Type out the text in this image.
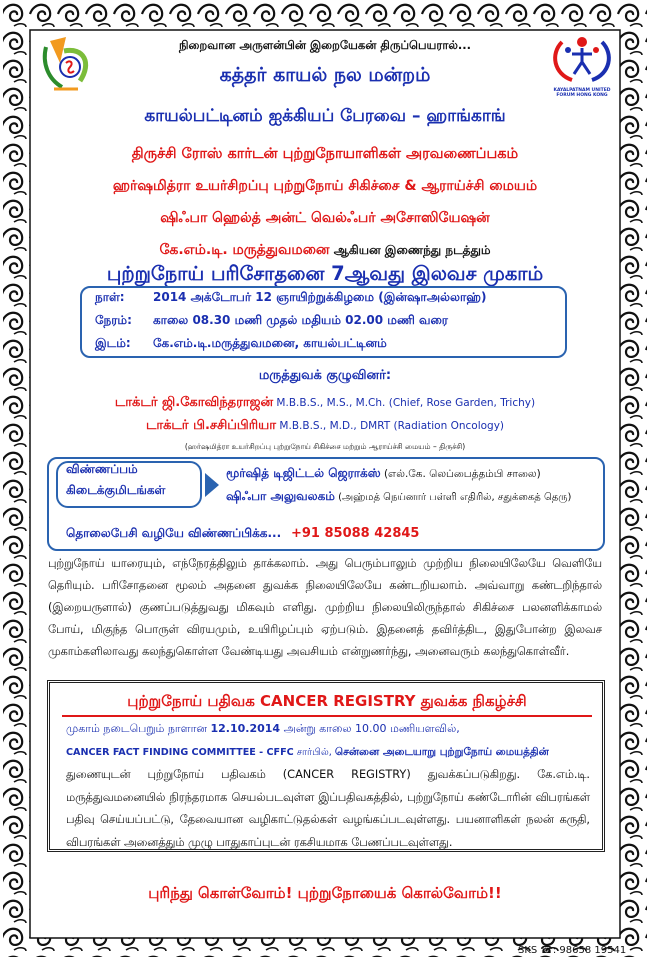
KAYALPATNAM UNITED FORUM HONG KONG
நிறைவான அருளன்பின் இறையேகன் திருப்பெயரால்...
கத்தர் காயல் நல மன்றம்
காயல்பட்டினம் ஐக்கியப் பேரவை – ஹாங்காங்
திருச்சி ரோஸ் கார்டன் புற்றுநோயாளிகள் அரவணைப்பகம்
ஹர்ஷமித்ரா உயர்சிறப்பு புற்றுநோய் சிகிச்சை & ஆராய்ச்சி மையம்
ஷிஃபா ஹெல்த் அன்ட் வெல்ஃபர் அசோஸியேஷன்
கே.எம்.டி. மருத்துவமனை ஆகியன இணைந்து நடத்தும்
புற்றுநோய் பரிசோதனை 7ஆவது இலவச முகாம்
நாள்: 2014 அக்டோபர் 12 ஞாயிற்றுக்கிழமை (இன்ஷாஅல்லாஹ்)
நேரம்: காலை 08.30 மணி முதல் மதியம் 02.00 மணி வரை
இடம்: கே.எம்.டி.மருத்துவமனை, காயல்பட்டினம்
மருத்துவக் குழுவினர்:
டாக்டர் ஜி.கோவிந்தராஜன் M.B.B.S., M.S., M.Ch. (Chief, Rose Garden, Trichy)
டாக்டர் பி.சசிப்பிரியா M.B.B.S., M.D., DMRT (Radiation Oncology)
(ஹர்ஷமித்ரா உயர்சிறப்பு புற்றுநோய் சிகிச்சை மற்றும் ஆராய்ச்சி மையம் – திருச்சி)
விண்ணப்பம்
கிடைக்குமிடங்கள்
மூர்ஷித் டிஜிட்டல் ஜெராக்ஸ் (எல்.கே. லெப்பைத்தம்பி சாலை)
ஷிஃபா அலுவலகம் (அஹ்மத் நெய்னார் பள்ளி எதிரில், சதுக்கைத் தெரு)
தொலைபேசி வழியே விண்ணப்பிக்க... +91 85088 42845
புற்றுநோய் யாரையும், எந்நேரத்திலும் தாக்கலாம். அது பெரும்பாலும் முற்றிய நிலையிலேயே வெளியே தெரியும். பரிசோதனை மூலம் அதனை துவக்க நிலையிலேயே கண்டறியலாம். அவ்வாறு கண்டறிந்தால் (இறையருளால்) குணப்படுத்துவது மிகவும் எளிது. முற்றிய நிலையிலிருந்தால் சிகிச்சை பலனளிக்காமல் போய், மிகுந்த பொருள் விரயமும், உயிரிழப்பும் ஏற்படும். இதனைத் தவிர்த்திட, இதுபோன்ற இலவச முகாம்களிலாவது கலந்துகொள்ள வேண்டியது அவசியம் என்றுணர்ந்து, அனைவரும் கலந்துகொள்வீர்.
புற்றுநோய் பதிவக CANCER REGISTRY துவக்க நிகழ்ச்சி
முகாம் நடைபெறும் நாளான 12.10.2014 அன்று காலை 10.00 மணியளவில்,
CANCER FACT FINDING COMMITTEE - CFFC சார்பில், சென்னை அடையாறு புற்றுநோய் மையத்தின்
துணையுடன் புற்றுநோய் பதிவகம் (CANCER REGISTRY) துவக்கப்படுகிறது. கே.எம்.டி. மருத்துவமனையில் நிரந்தரமாக செயல்படவுள்ள இப்பதிவகத்தில், புற்றுநோய் கண்டோரின் விபரங்கள் பதிவு செய்யப்பட்டு, தேவையான வழிகாட்டுதல்கள் வழங்கப்படவுள்ளது. பயனாளிகள் நலன் கருதி, விபரங்கள் அனைத்தும் முழு பாதுகாப்புடன் ரகசியமாக பேணப்படவுள்ளது.
புரிந்து கொள்வோம்! புற்றுநோயைக் கொல்வோம்!!
SKS ☎: 98658 19541
